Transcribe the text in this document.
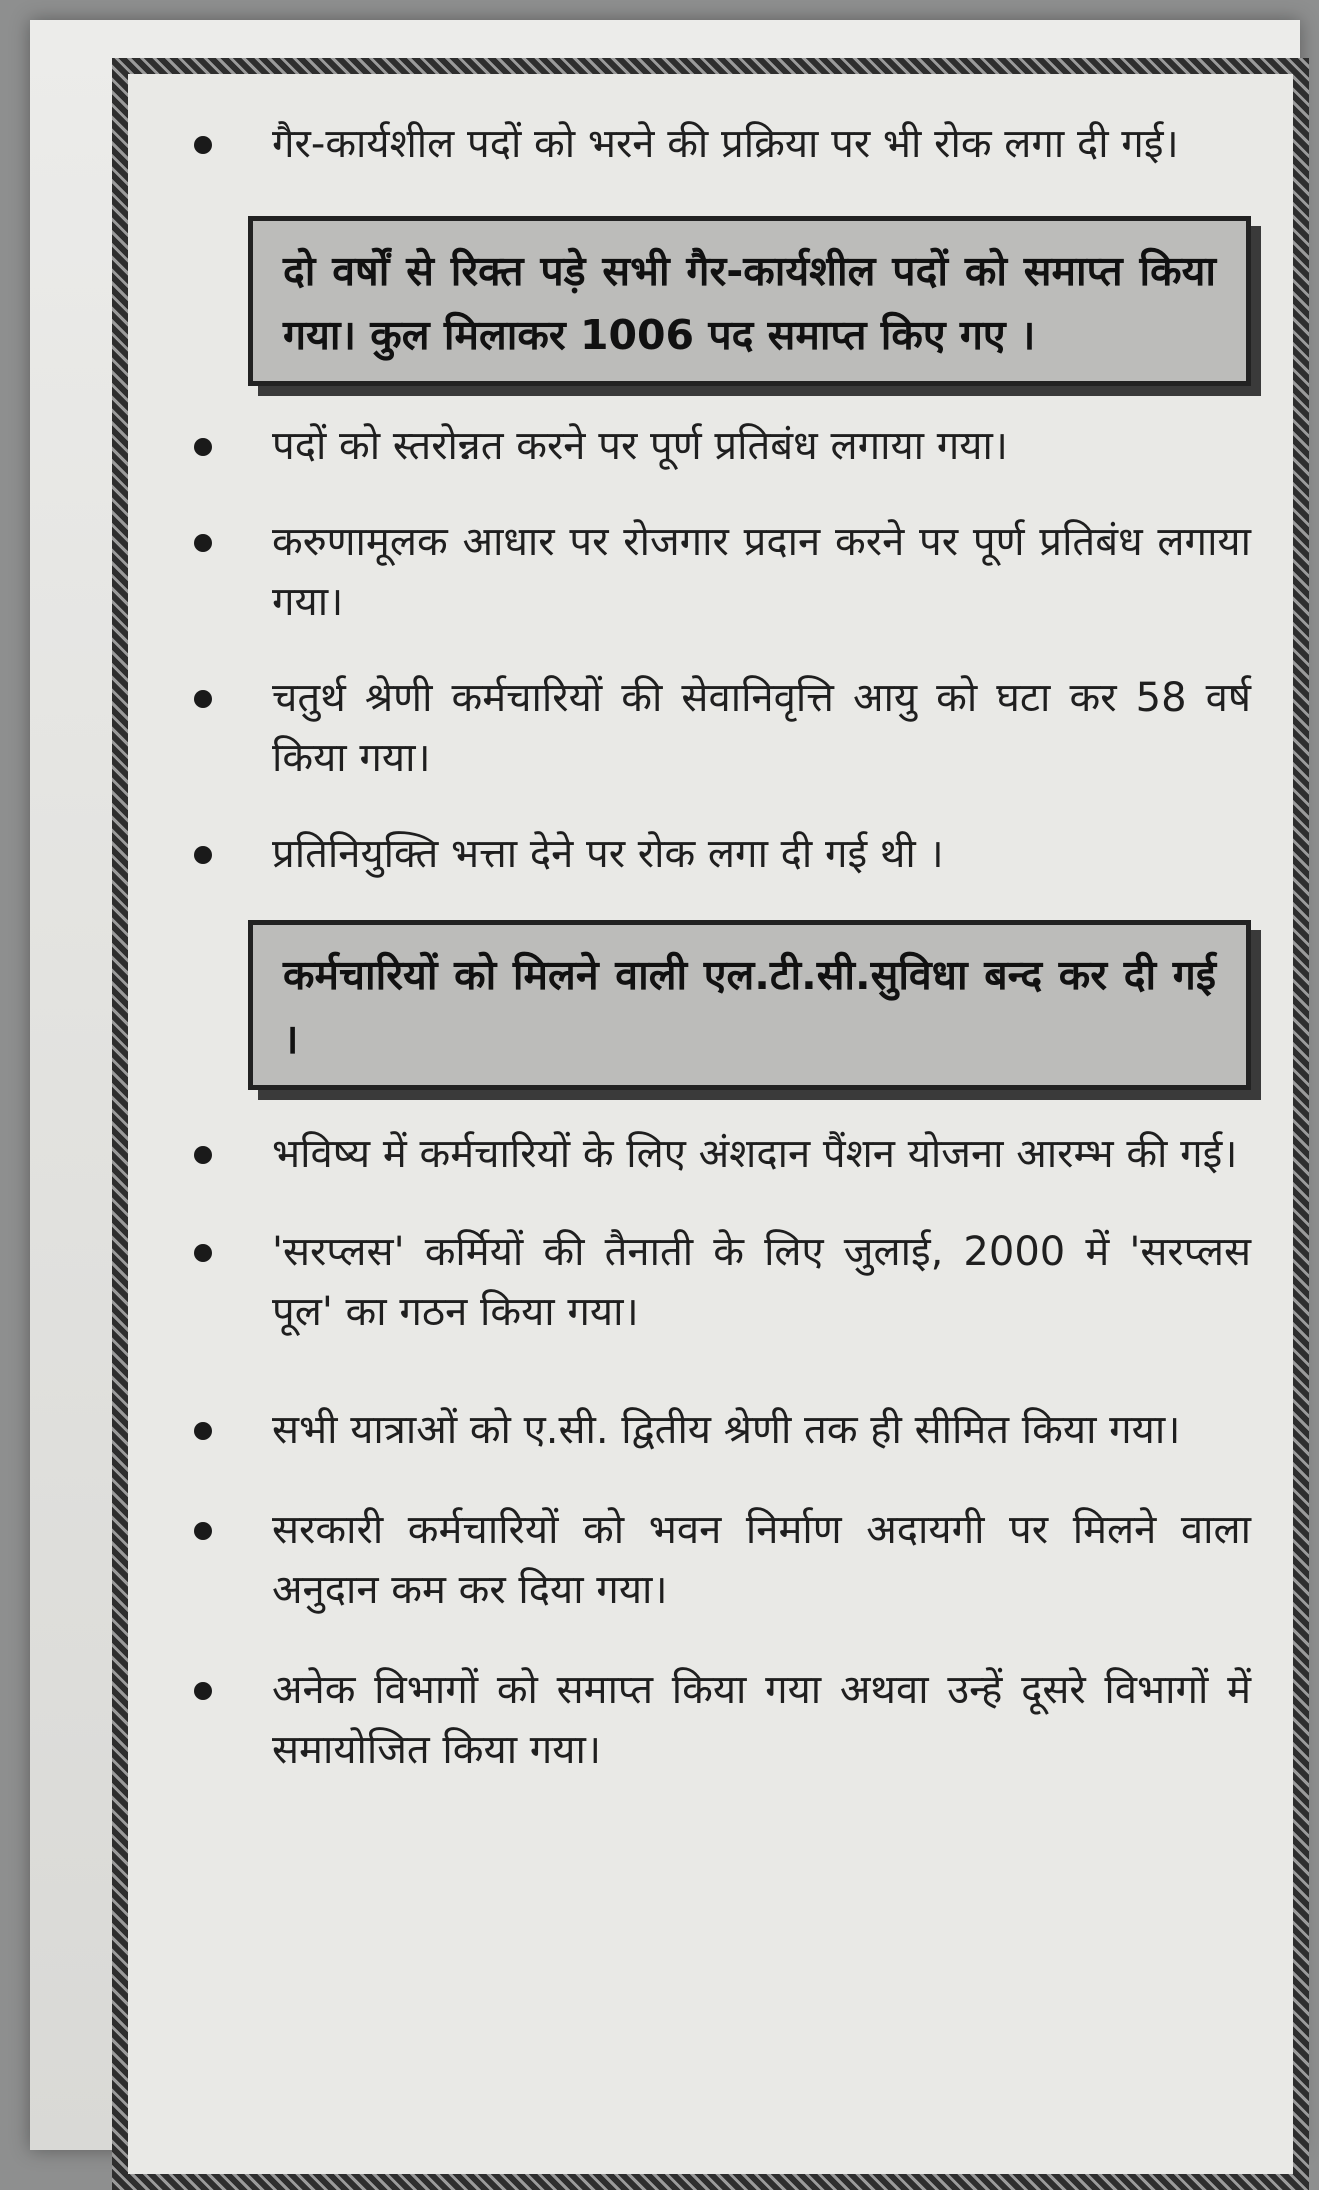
गैर-कार्यशील पदों को भरने की प्रक्रिया पर भी रोक लगा दी गई।
दो वर्षों से रिक्त पड़े सभी गैर-कार्यशील पदों को समाप्त किया गया। कुल मिलाकर 1006 पद समाप्त किए गए ।
पदों को स्तरोन्नत करने पर पूर्ण प्रतिबंध लगाया गया।
करुणामूलक आधार पर रोजगार प्रदान करने पर पूर्ण प्रतिबंध लगाया गया।
चतुर्थ श्रेणी कर्मचारियों की सेवानिवृत्ति आयु को घटा कर 58 वर्ष किया गया।
प्रतिनियुक्ति भत्ता देने पर रोक लगा दी गई थी ।
कर्मचारियों को मिलने वाली एल.टी.सी.सुविधा बन्द कर दी गई ।
भविष्य में कर्मचारियों के लिए अंशदान पैंशन योजना आरम्भ की गई।
'सरप्लस' कर्मियों की तैनाती के लिए जुलाई, 2000 में 'सरप्लस पूल' का गठन किया गया।
सभी यात्राओं को ए.सी. द्वितीय श्रेणी तक ही सीमित किया गया।
सरकारी कर्मचारियों को भवन निर्माण अदायगी पर मिलने वाला अनुदान कम कर दिया गया।
अनेक विभागों को समाप्त किया गया अथवा उन्हें दूसरे विभागों में समायोजित किया गया।
